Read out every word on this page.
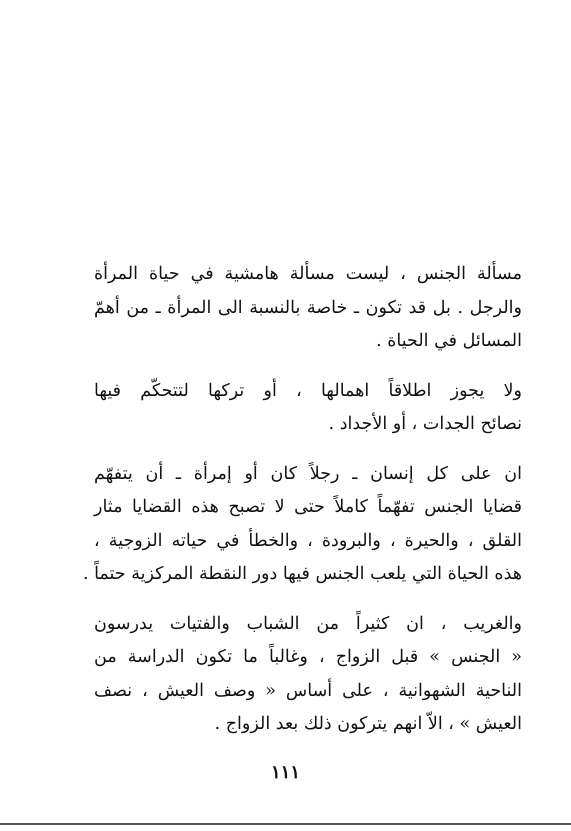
مسألة الجنس ، ليست مسألة هامشية في حياة المرأة
والرجل . بل قد تكون ـ خاصة بالنسبة الى المرأة ـ من أهمّ
المسائل في الحياة .

ولا يجوز اطلاقاً اهمالها ، أو تركها لتتحكّم فيها
نصائح الجدات ، أو الأجداد .

ان على كل إنسان ـ رجلاً كان أو إمرأة ـ أن يتفهّم
قضايا الجنس تفهّماً كاملاً حتى لا تصبح هذه القضايا مثار
القلق ، والحيرة ، والبرودة ، والخطأ في حياته الزوجية ،
هذه الحياة التي يلعب الجنس فيها دور النقطة المركزية حتماً .

والغريب ، ان كثيراً من الشباب والفتيات يدرسون
« الجنس » قبل الزواج ، وغالباً ما تكون الدراسة من
الناحية الشهوانية ، على أساس « وصف العيش ، نصف
العيش » ، الاّ انهم يتركون ذلك بعد الزواج .

١١١
